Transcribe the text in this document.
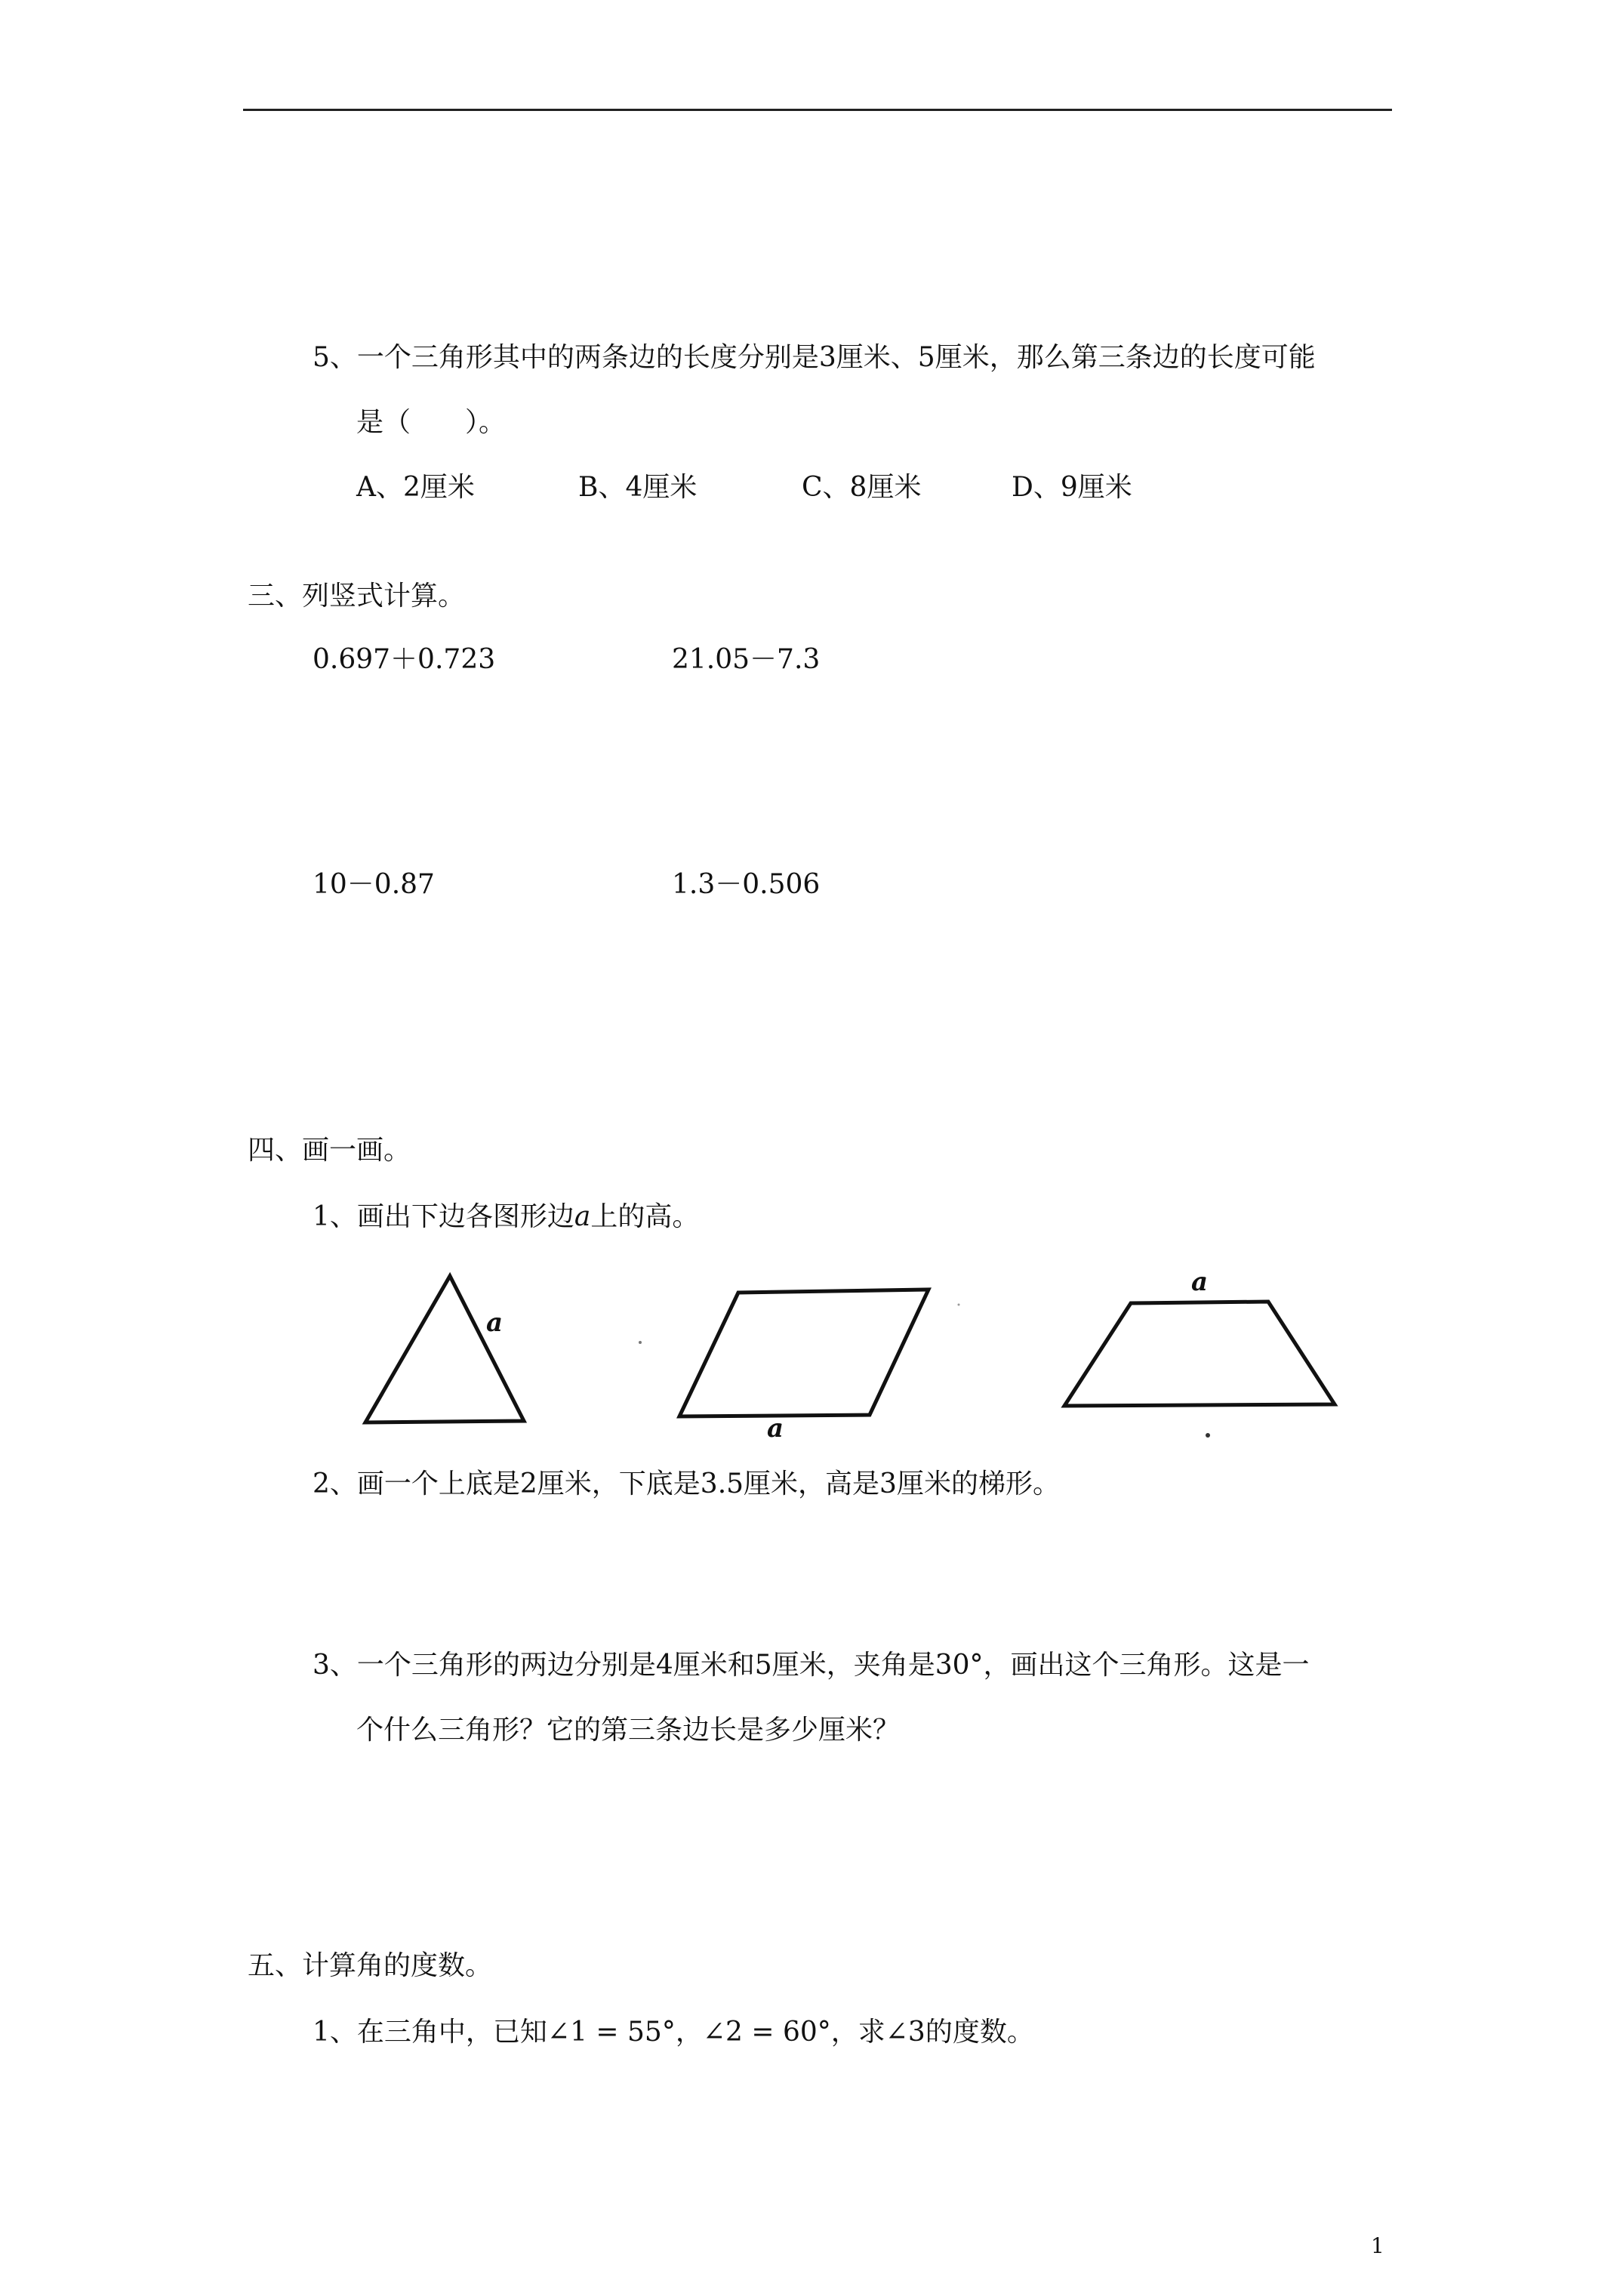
5、一个三角形其中的两条边的长度分别是3厘米、5厘米，那么第三条边的长度可能
是（　　）。
A、2厘米	B、4厘米	C、8厘米	D、9厘米
三、列竖式计算。
0.697＋0.723	21.05－7.3
10－0.87	1.3－0.506
四、画一画。
1、画出下边各图形边a上的高。
a
a
a
2、画一个上底是2厘米，下底是3.5厘米，高是3厘米的梯形。
3、一个三角形的两边分别是4厘米和5厘米，夹角是30°，画出这个三角形。这是一
个什么三角形？它的第三条边长是多少厘米？
五、计算角的度数。
1、在三角中，已知∠1 = 55°，∠2 = 60°，求∠3的度数。
1
